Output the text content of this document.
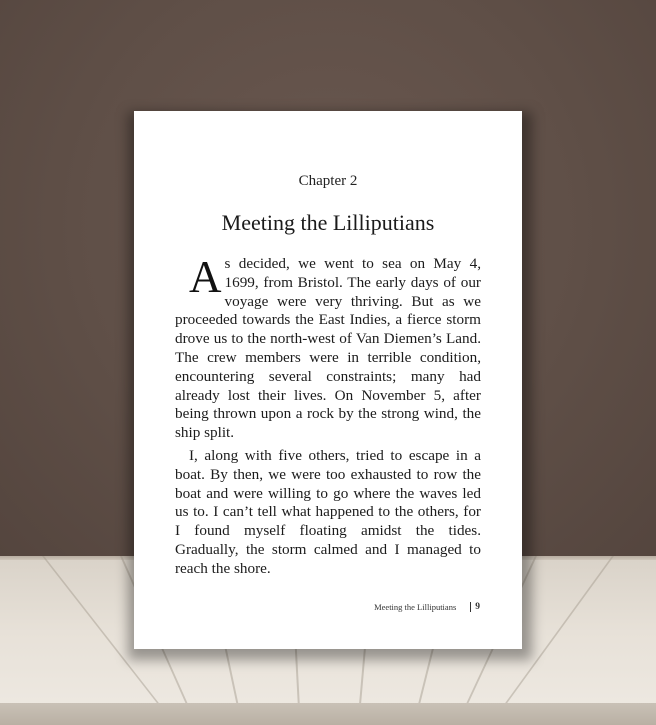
Chapter 2
Meeting the Lilliputians

As decided, we went to sea on May 4, 1699, from Bristol. The early days of our voyage were very thriving. But as we proceeded towards the East Indies, a fierce storm drove us to the north-west of Van Diemen’s Land. The crew members were in terrible condition, encountering several constraints; many had already lost their lives. On November 5, after being thrown upon a rock by the strong wind, the ship split.

I, along with five others, tried to escape in a boat. By then, we were too exhausted to row the boat and were willing to go where the waves led us to. I can’t tell what happened to the others, for I found myself floating amidst the tides. Gradually, the storm calmed and I managed to reach the shore.

Meeting the Lilliputians 9
